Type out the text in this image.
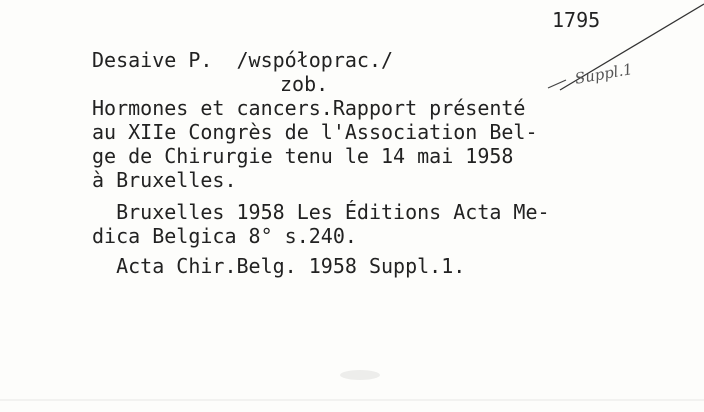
1795
Desaive P.  /współoprac./
zob.	Suppl.1
Hormones et cancers.Rapport présenté
au XIIe Congrès de l'Association Bel-
ge de Chirurgie tenu le 14 mai 1958
à Bruxelles.
Bruxelles 1958 Les Éditions Acta Me-
dica Belgica 8° s.240.
Acta Chir.Belg. 1958 Suppl.1.
